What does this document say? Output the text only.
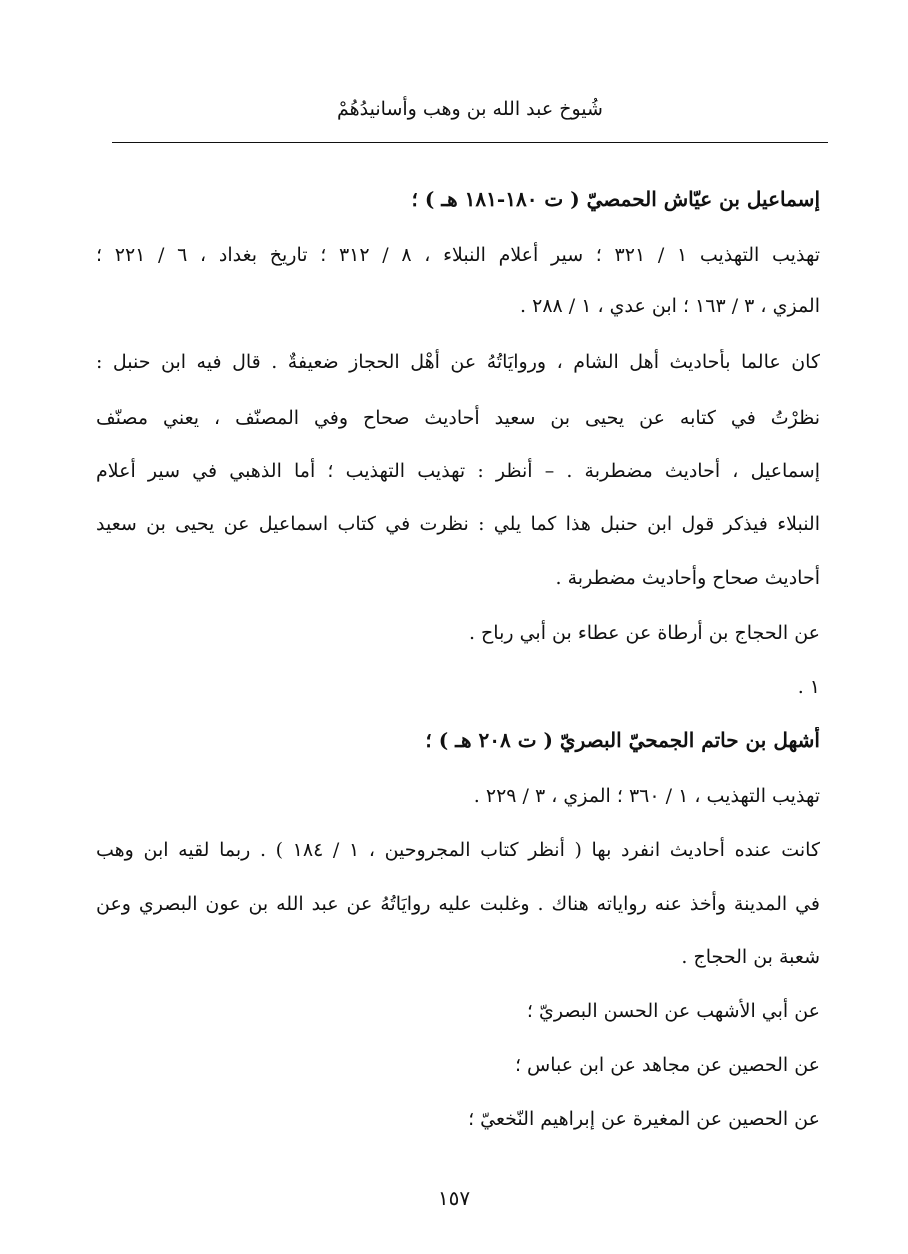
شُيوخ عبد الله بن وهب وأسانيدُهُمْ
إسماعيل بن عيّاش الحمصيّ ( ت ١٨٠-١٨١ هـ ) ؛
تهذيب التهذيب ١ / ٣٢١ ؛ سير أعلام النبلاء ، ٨ / ٣١٢ ؛ تاريخ بغداد ، ٦ / ٢٢١ ؛
المزي ، ٣ / ١٦٣ ؛ ابن عدي ، ١ / ٢٨٨ .
كان عالما بأحاديث أهل الشام ، وروايَاتُهُ عن أهْل الحجاز ضعيفةٌ . قال فيه ابن حنبل :
نظرْتُ في كتابه عن يحيى بن سعيد أحاديث صحاح وفي المصنّف ، يعني مصنّف
إسماعيل ، أحاديث مضطربة . – أنظر : تهذيب التهذيب ؛ أما الذهبي في سير أعلام
النبلاء فيذكر قول ابن حنبل هذا كما يلي : نظرت في كتاب اسماعيل عن يحيى بن سعيد
أحاديث صحاح وأحاديث مضطربة .
عن الحجاج بن أرطاة عن عطاء بن أبي رباح .
١ .
أشهل بن حاتم الجمحيّ البصريّ ( ت ٢٠٨ هـ ) ؛
تهذيب التهذيب ، ١ / ٣٦٠ ؛ المزي ، ٣ / ٢٢٩ .
كانت عنده أحاديث انفرد بها ( أنظر كتاب المجروحين ، ١ / ١٨٤ ) . ربما لقيه ابن وهب
في المدينة وأخذ عنه رواياته هناك . وغلبت عليه روايَاتُهُ عن عبد الله بن عون البصري وعن
شعبة بن الحجاج .
عن أبي الأشهب عن الحسن البصريّ ؛
عن الحصين عن مجاهد عن ابن عباس ؛
عن الحصين عن المغيرة عن إبراهيم النّخعيّ ؛
١٥٧
